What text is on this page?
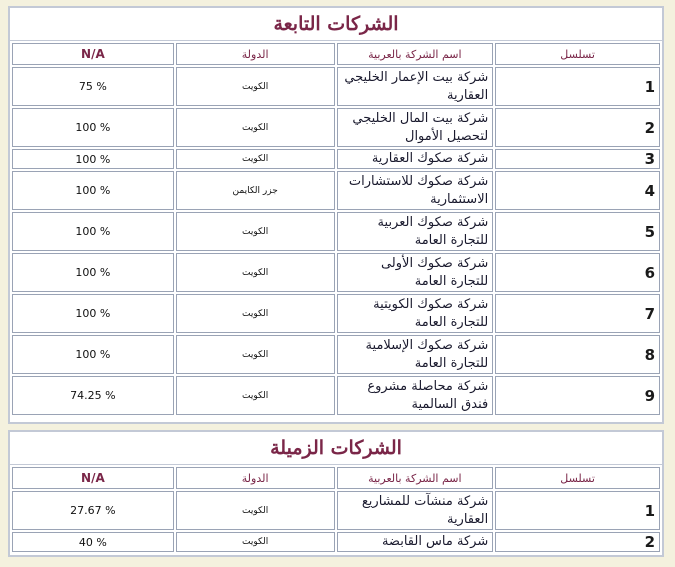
الشركات التابعة
تسلسل	اسم الشركة بالعربية	الدولة	N/A
1	شركة بيت الإعمار الخليجي العقارية	الكويت	75 %
2	شركة بيت المال الخليجي لتحصيل الأموال	الكويت	100 %
3	شركة صكوك العقارية	الكويت	100 %
4	شركة صكوك للاستشارات الاستثمارية	جزر الكايمن	100 %
5	شركة صكوك العربية للتجارة العامة	الكويت	100 %
6	شركة صكوك الأولى للتجارة العامة	الكويت	100 %
7	شركة صكوك الكويتية للتجارة العامة	الكويت	100 %
8	شركة صكوك الإسلامية للتجارة العامة	الكويت	100 %
9	شركة محاصلة مشروع فندق السالمية	الكويت	74.25 %
الشركات الزميلة
تسلسل	اسم الشركة بالعربية	الدولة	N/A
1	شركة منشآت للمشاريع العقارية	الكويت	27.67 %
2	شركة ماس القابضة	الكويت	40 %
